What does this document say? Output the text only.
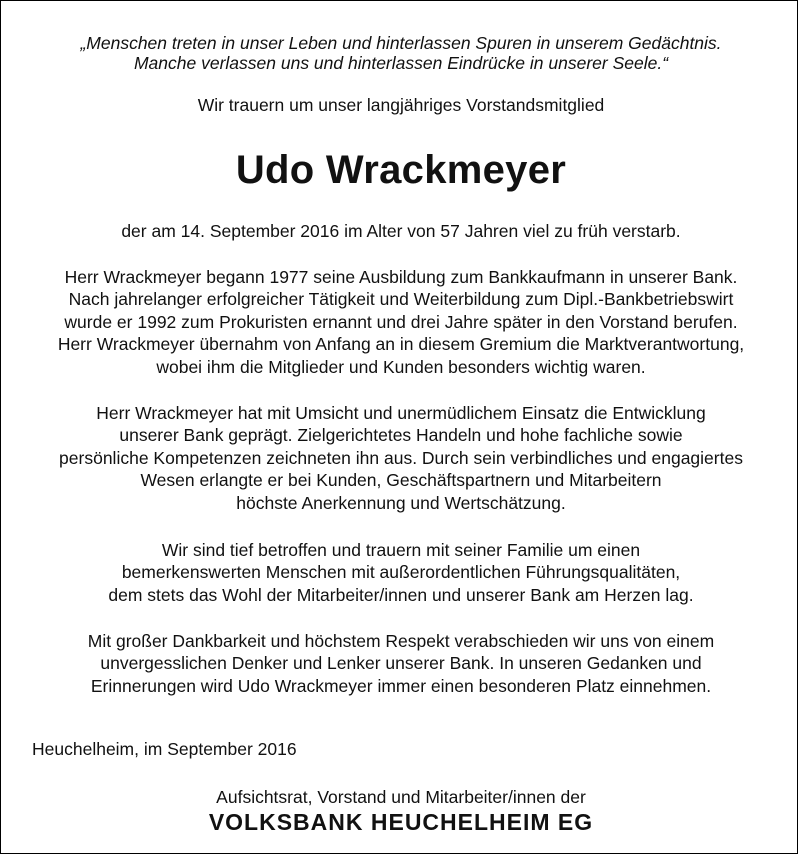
„Menschen treten in unser Leben und hinterlassen Spuren in unserem Gedächtnis.
Manche verlassen uns und hinterlassen Eindrücke in unserer Seele.“
Wir trauern um unser langjähriges Vorstandsmitglied
Udo Wrackmeyer
der am 14. September 2016 im Alter von 57 Jahren viel zu früh verstarb.
Herr Wrackmeyer begann 1977 seine Ausbildung zum Bankkaufmann in unserer Bank.
Nach jahrelanger erfolgreicher Tätigkeit und Weiterbildung zum Dipl.-Bankbetriebswirt
wurde er 1992 zum Prokuristen ernannt und drei Jahre später in den Vorstand berufen.
Herr Wrackmeyer übernahm von Anfang an in diesem Gremium die Marktverantwortung,
wobei ihm die Mitglieder und Kunden besonders wichtig waren.
Herr Wrackmeyer hat mit Umsicht und unermüdlichem Einsatz die Entwicklung
unserer Bank geprägt. Zielgerichtetes Handeln und hohe fachliche sowie
persönliche Kompetenzen zeichneten ihn aus. Durch sein verbindliches und engagiertes
Wesen erlangte er bei Kunden, Geschäftspartnern und Mitarbeitern
höchste Anerkennung und Wertschätzung.
Wir sind tief betroffen und trauern mit seiner Familie um einen
bemerkenswerten Menschen mit außerordentlichen Führungsqualitäten,
dem stets das Wohl der Mitarbeiter/innen und unserer Bank am Herzen lag.
Mit großer Dankbarkeit und höchstem Respekt verabschieden wir uns von einem
unvergesslichen Denker und Lenker unserer Bank. In unseren Gedanken und
Erinnerungen wird Udo Wrackmeyer immer einen besonderen Platz einnehmen.
Heuchelheim, im September 2016
Aufsichtsrat, Vorstand und Mitarbeiter/innen der
VOLKSBANK HEUCHELHEIM EG
